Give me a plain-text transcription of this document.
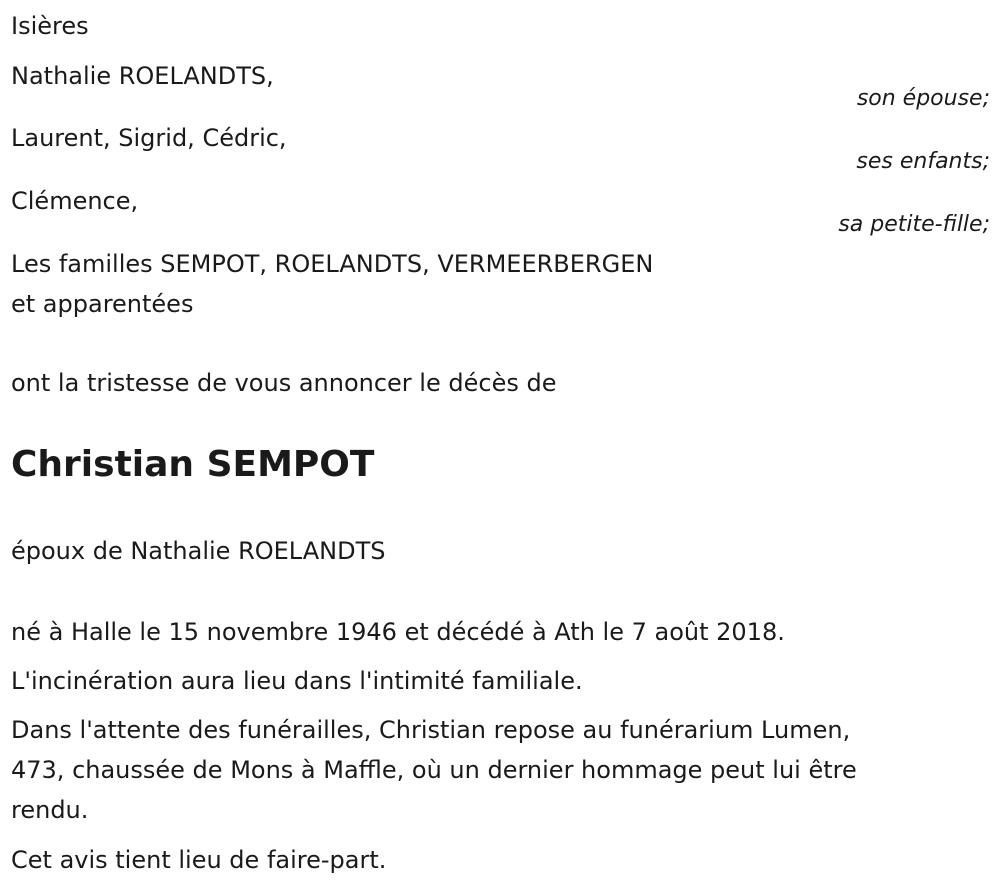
Isières
Nathalie ROELANDTS,
son épouse;
Laurent, Sigrid, Cédric,
ses enfants;
Clémence,
sa petite-fille;
Les familles SEMPOT, ROELANDTS, VERMEERBERGEN
et apparentées
ont la tristesse de vous annoncer le décès de
Christian SEMPOT
époux de Nathalie ROELANDTS
né à Halle le 15 novembre 1946 et décédé à Ath le 7 août 2018.
L'incinération aura lieu dans l'intimité familiale.
Dans l'attente des funérailles, Christian repose au funérarium Lumen,
473, chaussée de Mons à Maffle, où un dernier hommage peut lui être
rendu.
Cet avis tient lieu de faire-part.
